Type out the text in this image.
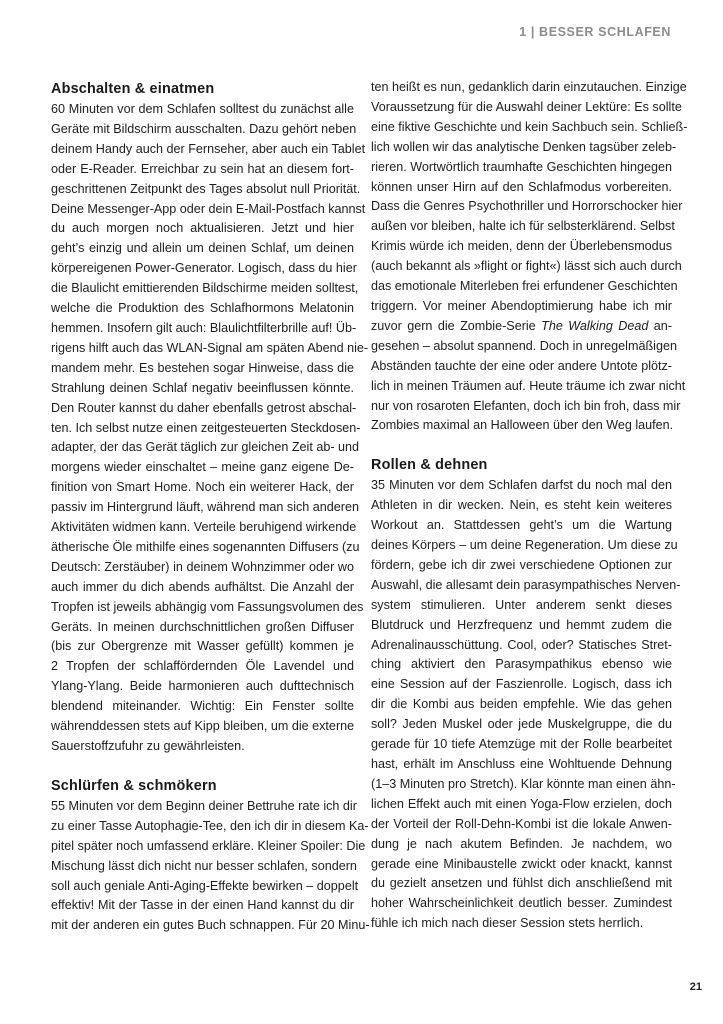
1 | BESSER SCHLAFEN
Abschalten & einatmen
60 Minuten vor dem Schlafen solltest du zunächst alle
Geräte mit Bildschirm ausschalten. Dazu gehört neben
deinem Handy auch der Fernseher, aber auch ein Tablet
oder E-Reader. Erreichbar zu sein hat an diesem fort-
geschrittenen Zeitpunkt des Tages absolut null Priorität.
Deine Messenger-App oder dein E-Mail-Postfach kannst
du auch morgen noch aktualisieren. Jetzt und hier
geht’s einzig und allein um deinen Schlaf, um deinen
körpereigenen Power-Generator. Logisch, dass du hier
die Blaulicht emittierenden Bildschirme meiden solltest,
welche die Produktion des Schlafhormons Melatonin
hemmen. Insofern gilt auch: Blaulichtfilterbrille auf! Üb-
rigens hilft auch das WLAN-Signal am späten Abend nie-
mandem mehr. Es bestehen sogar Hinweise, dass die
Strahlung deinen Schlaf negativ beeinflussen könnte.
Den Router kannst du daher ebenfalls getrost abschal-
ten. Ich selbst nutze einen zeitgesteuerten Steckdosen-
adapter, der das Gerät täglich zur gleichen Zeit ab- und
morgens wieder einschaltet – meine ganz eigene De-
finition von Smart Home. Noch ein weiterer Hack, der
passiv im Hintergrund läuft, während man sich anderen
Aktivitäten widmen kann. Verteile beruhigend wirkende
ätherische Öle mithilfe eines sogenannten Diffusers (zu
Deutsch: Zerstäuber) in deinem Wohnzimmer oder wo
auch immer du dich abends aufhältst. Die Anzahl der
Tropfen ist jeweils abhängig vom Fassungsvolumen des
Geräts. In meinen durchschnittlichen großen Diffuser
(bis zur Obergrenze mit Wasser gefüllt) kommen je
2 Tropfen der schlaffördernden Öle Lavendel und
Ylang-Ylang. Beide harmonieren auch dufttechnisch
blendend miteinander. Wichtig: Ein Fenster sollte
währenddessen stets auf Kipp bleiben, um die externe
Sauerstoffzufuhr zu gewährleisten.
Schlürfen & schmökern
55 Minuten vor dem Beginn deiner Bettruhe rate ich dir
zu einer Tasse Autophagie-Tee, den ich dir in diesem Ka-
pitel später noch umfassend erkläre. Kleiner Spoiler: Die
Mischung lässt dich nicht nur besser schlafen, sondern
soll auch geniale Anti-Aging-Effekte bewirken – doppelt
effektiv! Mit der Tasse in der einen Hand kannst du dir
mit der anderen ein gutes Buch schnappen. Für 20 Minu-
ten heißt es nun, gedanklich darin einzutauchen. Einzige
Voraussetzung für die Auswahl deiner Lektüre: Es sollte
eine fiktive Geschichte und kein Sachbuch sein. Schließ-
lich wollen wir das analytische Denken tagsüber zeleb-
rieren. Wortwörtlich traumhafte Geschichten hingegen
können unser Hirn auf den Schlafmodus vorbereiten.
Dass die Genres Psychothriller und Horrorschocker hier
außen vor bleiben, halte ich für selbsterklärend. Selbst
Krimis würde ich meiden, denn der Überlebensmodus
(auch bekannt als »flight or fight«) lässt sich auch durch
das emotionale Miterleben frei erfundener Geschichten
triggern. Vor meiner Abendoptimierung habe ich mir
zuvor gern die Zombie-Serie The Walking Dead an-
gesehen – absolut spannend. Doch in unregelmäßigen
Abständen tauchte der eine oder andere Untote plötz-
lich in meinen Träumen auf. Heute träume ich zwar nicht
nur von rosaroten Elefanten, doch ich bin froh, dass mir
Zombies maximal an Halloween über den Weg laufen.
Rollen & dehnen
35 Minuten vor dem Schlafen darfst du noch mal den
Athleten in dir wecken. Nein, es steht kein weiteres
Workout an. Stattdessen geht’s um die Wartung
deines Körpers – um deine Regeneration. Um diese zu
fördern, gebe ich dir zwei verschiedene Optionen zur
Auswahl, die allesamt dein parasympathisches Nerven-
system stimulieren. Unter anderem senkt dieses
Blutdruck und Herzfrequenz und hemmt zudem die
Adrenalinausschüttung. Cool, oder? Statisches Stret-
ching aktiviert den Parasympathikus ebenso wie
eine Session auf der Faszienrolle. Logisch, dass ich
dir die Kombi aus beiden empfehle. Wie das gehen
soll? Jeden Muskel oder jede Muskelgruppe, die du
gerade für 10 tiefe Atemzüge mit der Rolle bearbeitet
hast, erhält im Anschluss eine Wohltuende Dehnung
(1–3 Minuten pro Stretch). Klar könnte man einen ähn-
lichen Effekt auch mit einen Yoga-Flow erzielen, doch
der Vorteil der Roll-Dehn-Kombi ist die lokale Anwen-
dung je nach akutem Befinden. Je nachdem, wo
gerade eine Minibaustelle zwickt oder knackt, kannst
du gezielt ansetzen und fühlst dich anschließend mit
hoher Wahrscheinlichkeit deutlich besser. Zumindest
fühle ich mich nach dieser Session stets herrlich.
21
